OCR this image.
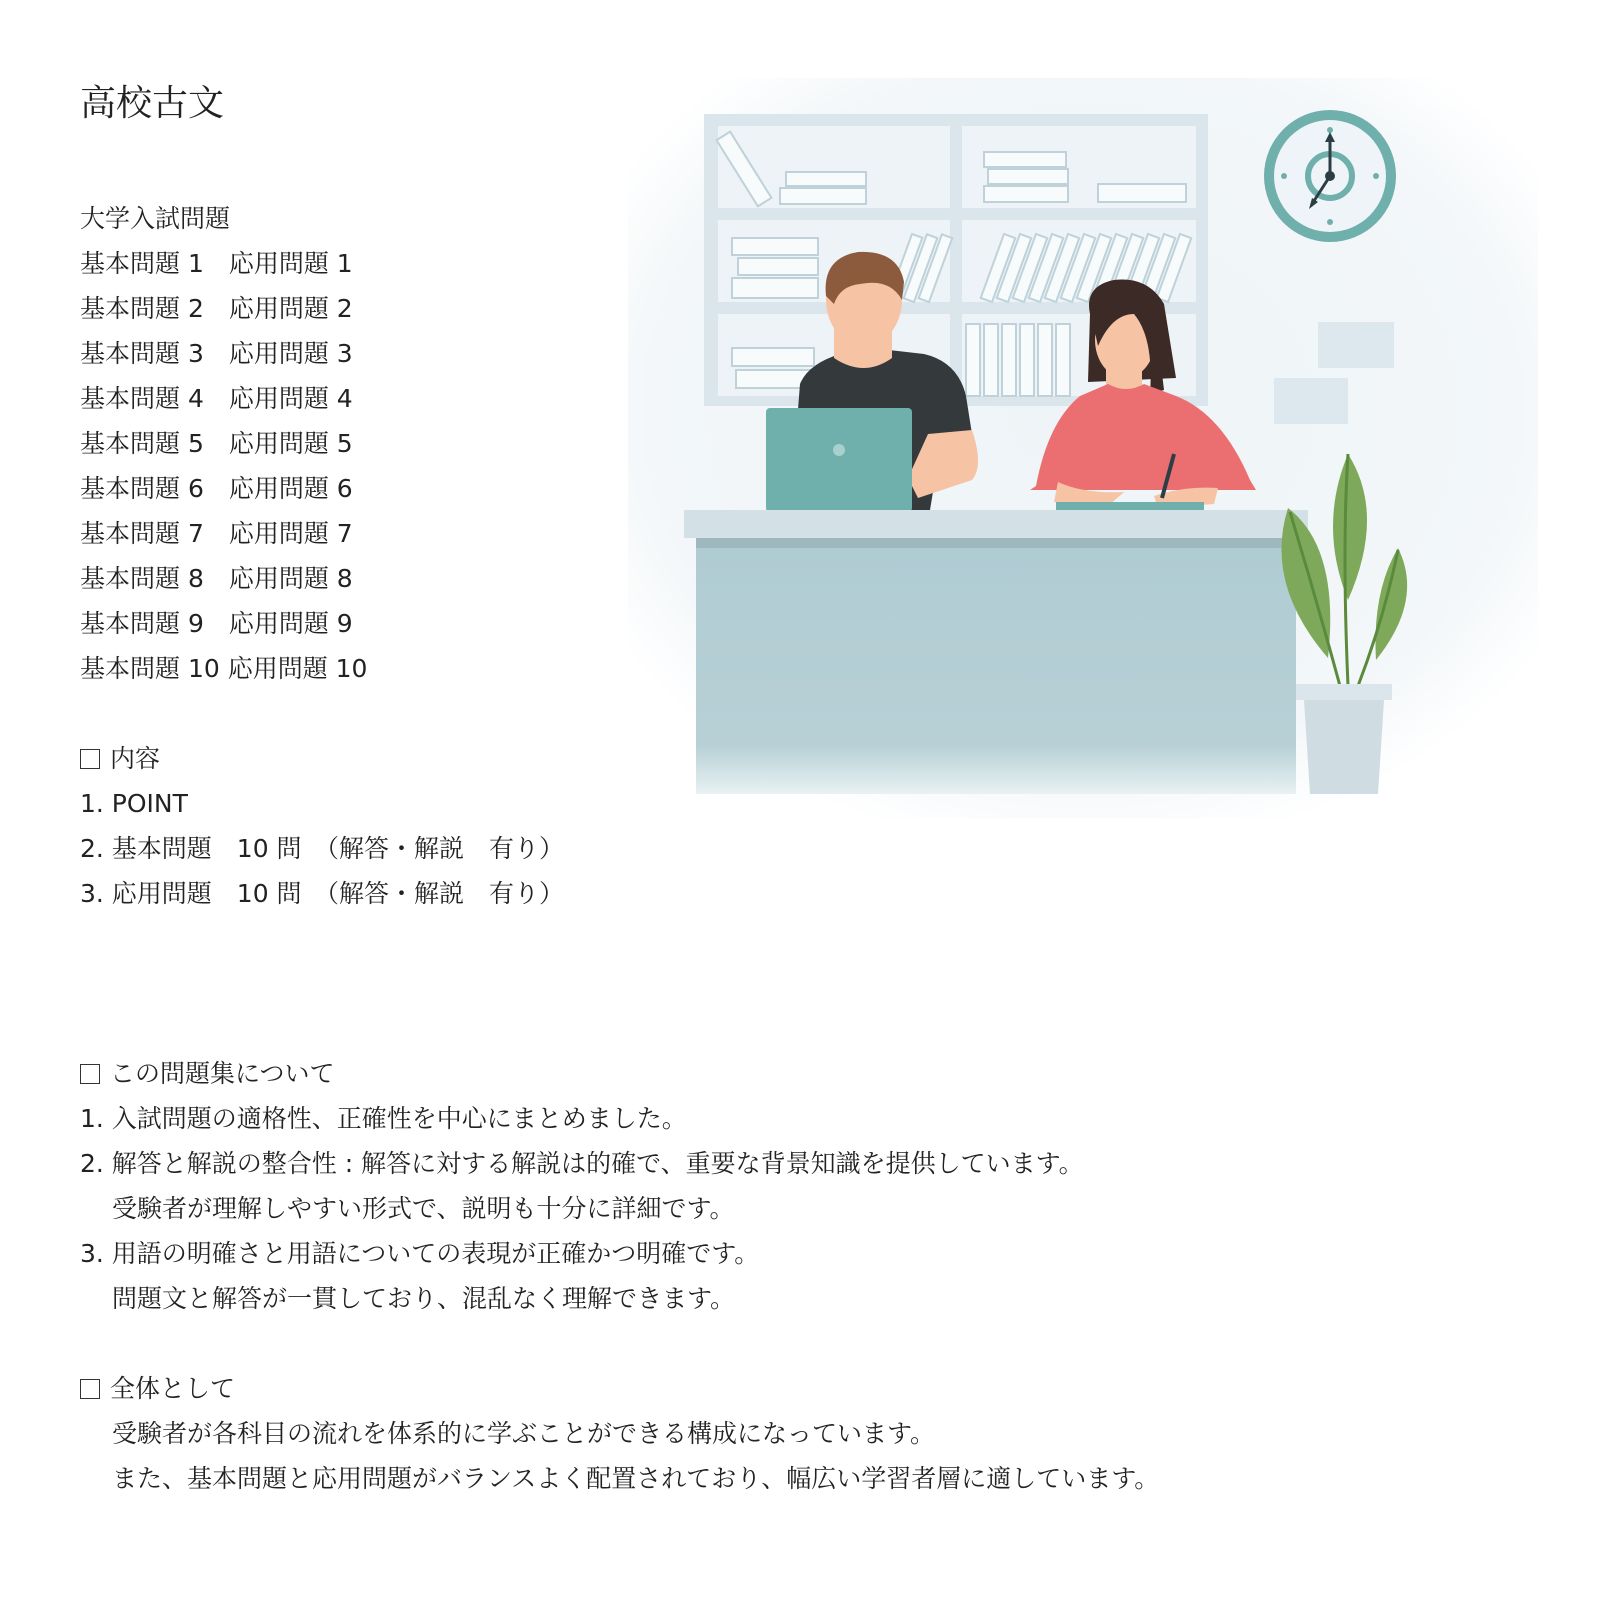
高校古文
大学入試問題
基本問題 1　応用問題 1
基本問題 2　応用問題 2
基本問題 3　応用問題 3
基本問題 4　応用問題 4
基本問題 5　応用問題 5
基本問題 6　応用問題 6
基本問題 7　応用問題 7
基本問題 8　応用問題 8
基本問題 9　応用問題 9
基本問題 10 応用問題 10
内容
1. POINT
2. 基本問題　10 問　（解答・解説　有り）
3. 応用問題　10 問　（解答・解説　有り）
この問題集について
1. 入試問題の適格性、正確性を中心にまとめました。
2. 解答と解説の整合性 : 解答に対する解説は的確で、重要な背景知識を提供しています。
受験者が理解しやすい形式で、説明も十分に詳細です。
3. 用語の明確さと用語についての表現が正確かつ明確です。
問題文と解答が一貫しており、混乱なく理解できます。
全体として
受験者が各科目の流れを体系的に学ぶことができる構成になっています。
また、基本問題と応用問題がバランスよく配置されており、幅広い学習者層に適しています。
